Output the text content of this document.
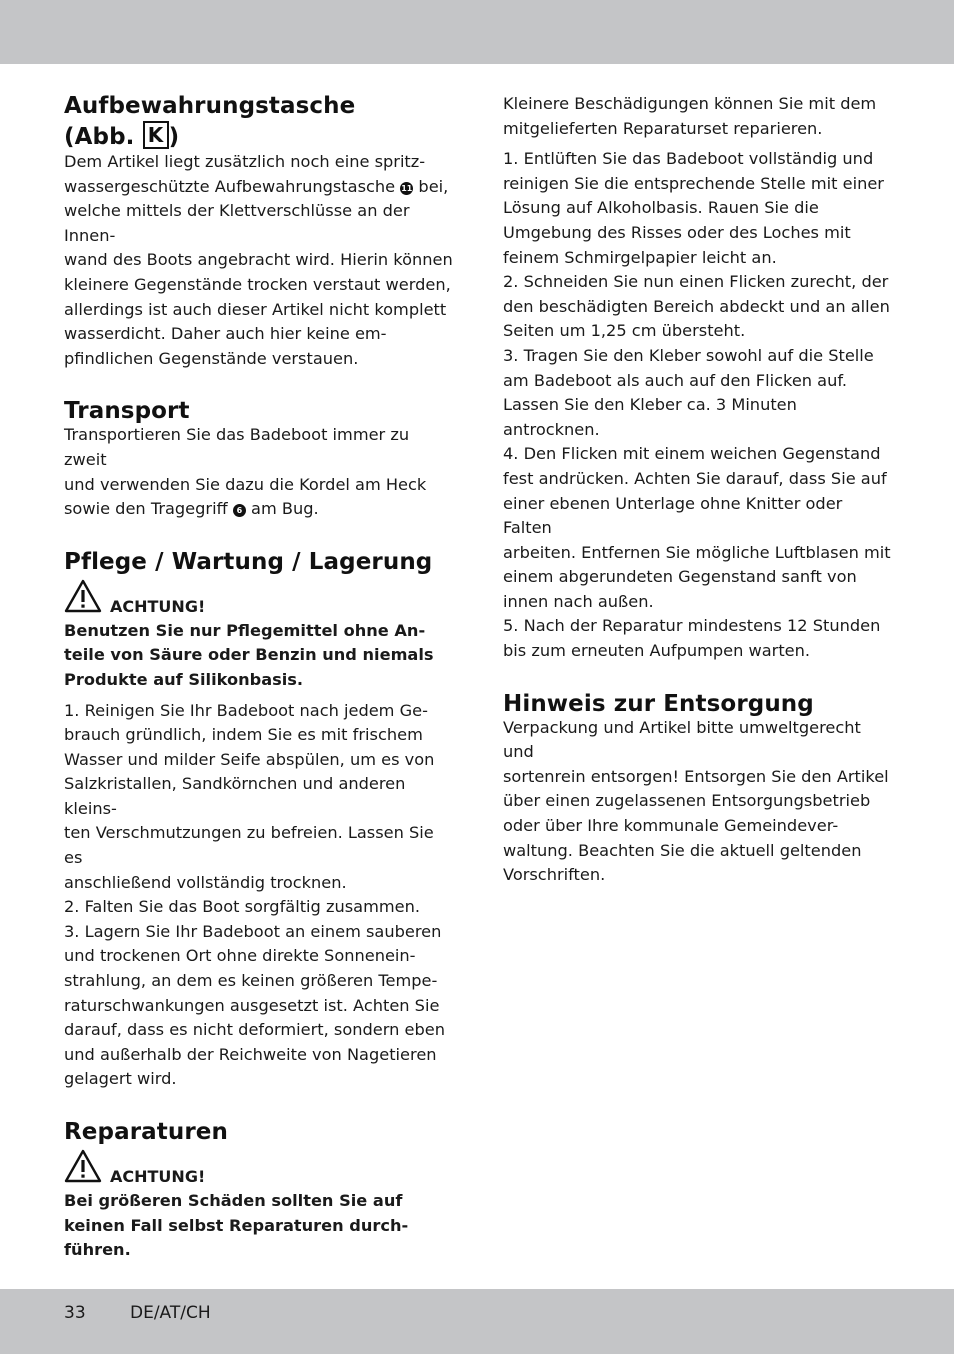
Aufbewahrungstasche
(Abb. K )

Dem Artikel liegt zusätzlich noch eine spritz-
wassergeschützte Aufbewahrungstasche 11 bei,
welche mittels der Klettverschlüsse an der Innen-
wand des Boots angebracht wird. Hierin können
kleinere Gegenstände trocken verstaut werden,
allerdings ist auch dieser Artikel nicht komplett
wasserdicht. Daher auch hier keine em-
pfindlichen Gegenstände verstauen.

Transport

Transportieren Sie das Badeboot immer zu zweit
und verwenden Sie dazu die Kordel am Heck
sowie den Tragegriff 6 am Bug.

Pflege / Wartung / Lagerung
ACHTUNG!

Benutzen Sie nur Pflegemittel ohne An-
teile von Säure oder Benzin und niemals
Produkte auf Silikonbasis.

1. Reinigen Sie Ihr Badeboot nach jedem Ge-
brauch gründlich, indem Sie es mit frischem
Wasser und milder Seife abspülen, um es von
Salzkristallen, Sandkörnchen und anderen kleins-
ten Verschmutzungen zu befreien. Lassen Sie es
anschließend vollständig trocknen.

2. Falten Sie das Boot sorgfältig zusammen.

3. Lagern Sie Ihr Badeboot an einem sauberen
und trockenen Ort ohne direkte Sonnenein-
strahlung, an dem es keinen größeren Tempe-
raturschwankungen ausgesetzt ist. Achten Sie
darauf, dass es nicht deformiert, sondern eben
und außerhalb der Reichweite von Nagetieren
gelagert wird.

Reparaturen
ACHTUNG!

Bei größeren Schäden sollten Sie auf
keinen Fall selbst Reparaturen durch-
führen.

Kleinere Beschädigungen können Sie mit dem
mitgelieferten Reparaturset reparieren.

1. Entlüften Sie das Badeboot vollständig und
reinigen Sie die entsprechende Stelle mit einer
Lösung auf Alkoholbasis. Rauen Sie die
Umgebung des Risses oder des Loches mit
feinem Schmirgelpapier leicht an.

2. Schneiden Sie nun einen Flicken zurecht, der
den beschädigten Bereich abdeckt und an allen
Seiten um 1,25 cm übersteht.

3. Tragen Sie den Kleber sowohl auf die Stelle
am Badeboot als auch auf den Flicken auf.
Lassen Sie den Kleber ca. 3 Minuten antrocknen.

4. Den Flicken mit einem weichen Gegenstand
fest andrücken. Achten Sie darauf, dass Sie auf
einer ebenen Unterlage ohne Knitter oder Falten
arbeiten. Entfernen Sie mögliche Luftblasen mit
einem abgerundeten Gegenstand sanft von
innen nach außen.

5. Nach der Reparatur mindestens 12 Stunden
bis zum erneuten Aufpumpen warten.

Hinweis zur Entsorgung

Verpackung und Artikel bitte umweltgerecht und
sortenrein entsorgen! Entsorgen Sie den Artikel
über einen zugelassenen Entsorgungsbetrieb
oder über Ihre kommunale Gemeindever-
waltung. Beachten Sie die aktuell geltenden
Vorschriften.

33	DE/AT/CH
